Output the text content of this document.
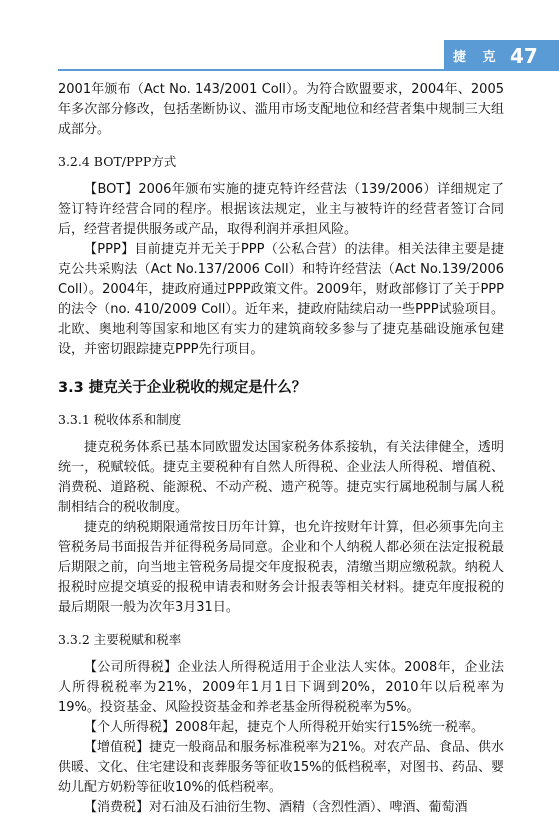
捷 克 47

2001年颁布（Act No. 143/2001 Coll）。为符合欧盟要求，2004年、2005年多次部分修改，包括垄断协议、滥用市场支配地位和经营者集中规制三大组成部分。

3.2.4 BOT/PPP方式

【BOT】2006年颁布实施的捷克特许经营法（139/2006）详细规定了签订特许经营合同的程序。根据该法规定，业主与被特许的经营者签订合同后，经营者提供服务或产品，取得利润并承担风险。

【PPP】目前捷克并无关于PPP（公私合营）的法律。相关法律主要是捷克公共采购法（Act No.137/2006 Coll）和特许经营法（Act No.139/2006 Coll）。2004年，捷政府通过PPP政策文件。2009年，财政部修订了关于PPP的法令（no. 410/2009 Coll）。近年来，捷政府陆续启动一些PPP试验项目。北欧、奥地利等国家和地区有实力的建筑商较多参与了捷克基础设施承包建设，并密切跟踪捷克PPP先行项目。

3.3 捷克关于企业税收的规定是什么？
3.3.1 税收体系和制度

捷克税务体系已基本同欧盟发达国家税务体系接轨，有关法律健全，透明统一，税赋较低。捷克主要税种有自然人所得税、企业法人所得税、增值税、消费税、道路税、能源税、不动产税、遗产税等。捷克实行属地税制与属人税制相结合的税收制度。

捷克的纳税期限通常按日历年计算，也允许按财年计算，但必须事先向主管税务局书面报告并征得税务局同意。企业和个人纳税人都必须在法定报税最后期限之前，向当地主管税务局提交年度报税表，清缴当期应缴税款。纳税人报税时应提交填妥的报税申请表和财务会计报表等相关材料。捷克年度报税的最后期限一般为次年3月31日。

3.3.2 主要税赋和税率

【公司所得税】企业法人所得税适用于企业法人实体。2008年，企业法人所得税税率为21%，2009年1月1日下调到20%，2010年以后税率为19%。投资基金、风险投资基金和养老基金所得税税率为5%。

【个人所得税】2008年起，捷克个人所得税开始实行15%统一税率。

【增值税】捷克一般商品和服务标准税率为21%。对农产品、食品、供水供暖、文化、住宅建设和丧葬服务等征收15%的低档税率，对图书、药品、婴幼儿配方奶粉等征收10%的低档税率。

【消费税】对石油及石油衍生物、酒精（含烈性酒）、啤酒、葡萄酒
